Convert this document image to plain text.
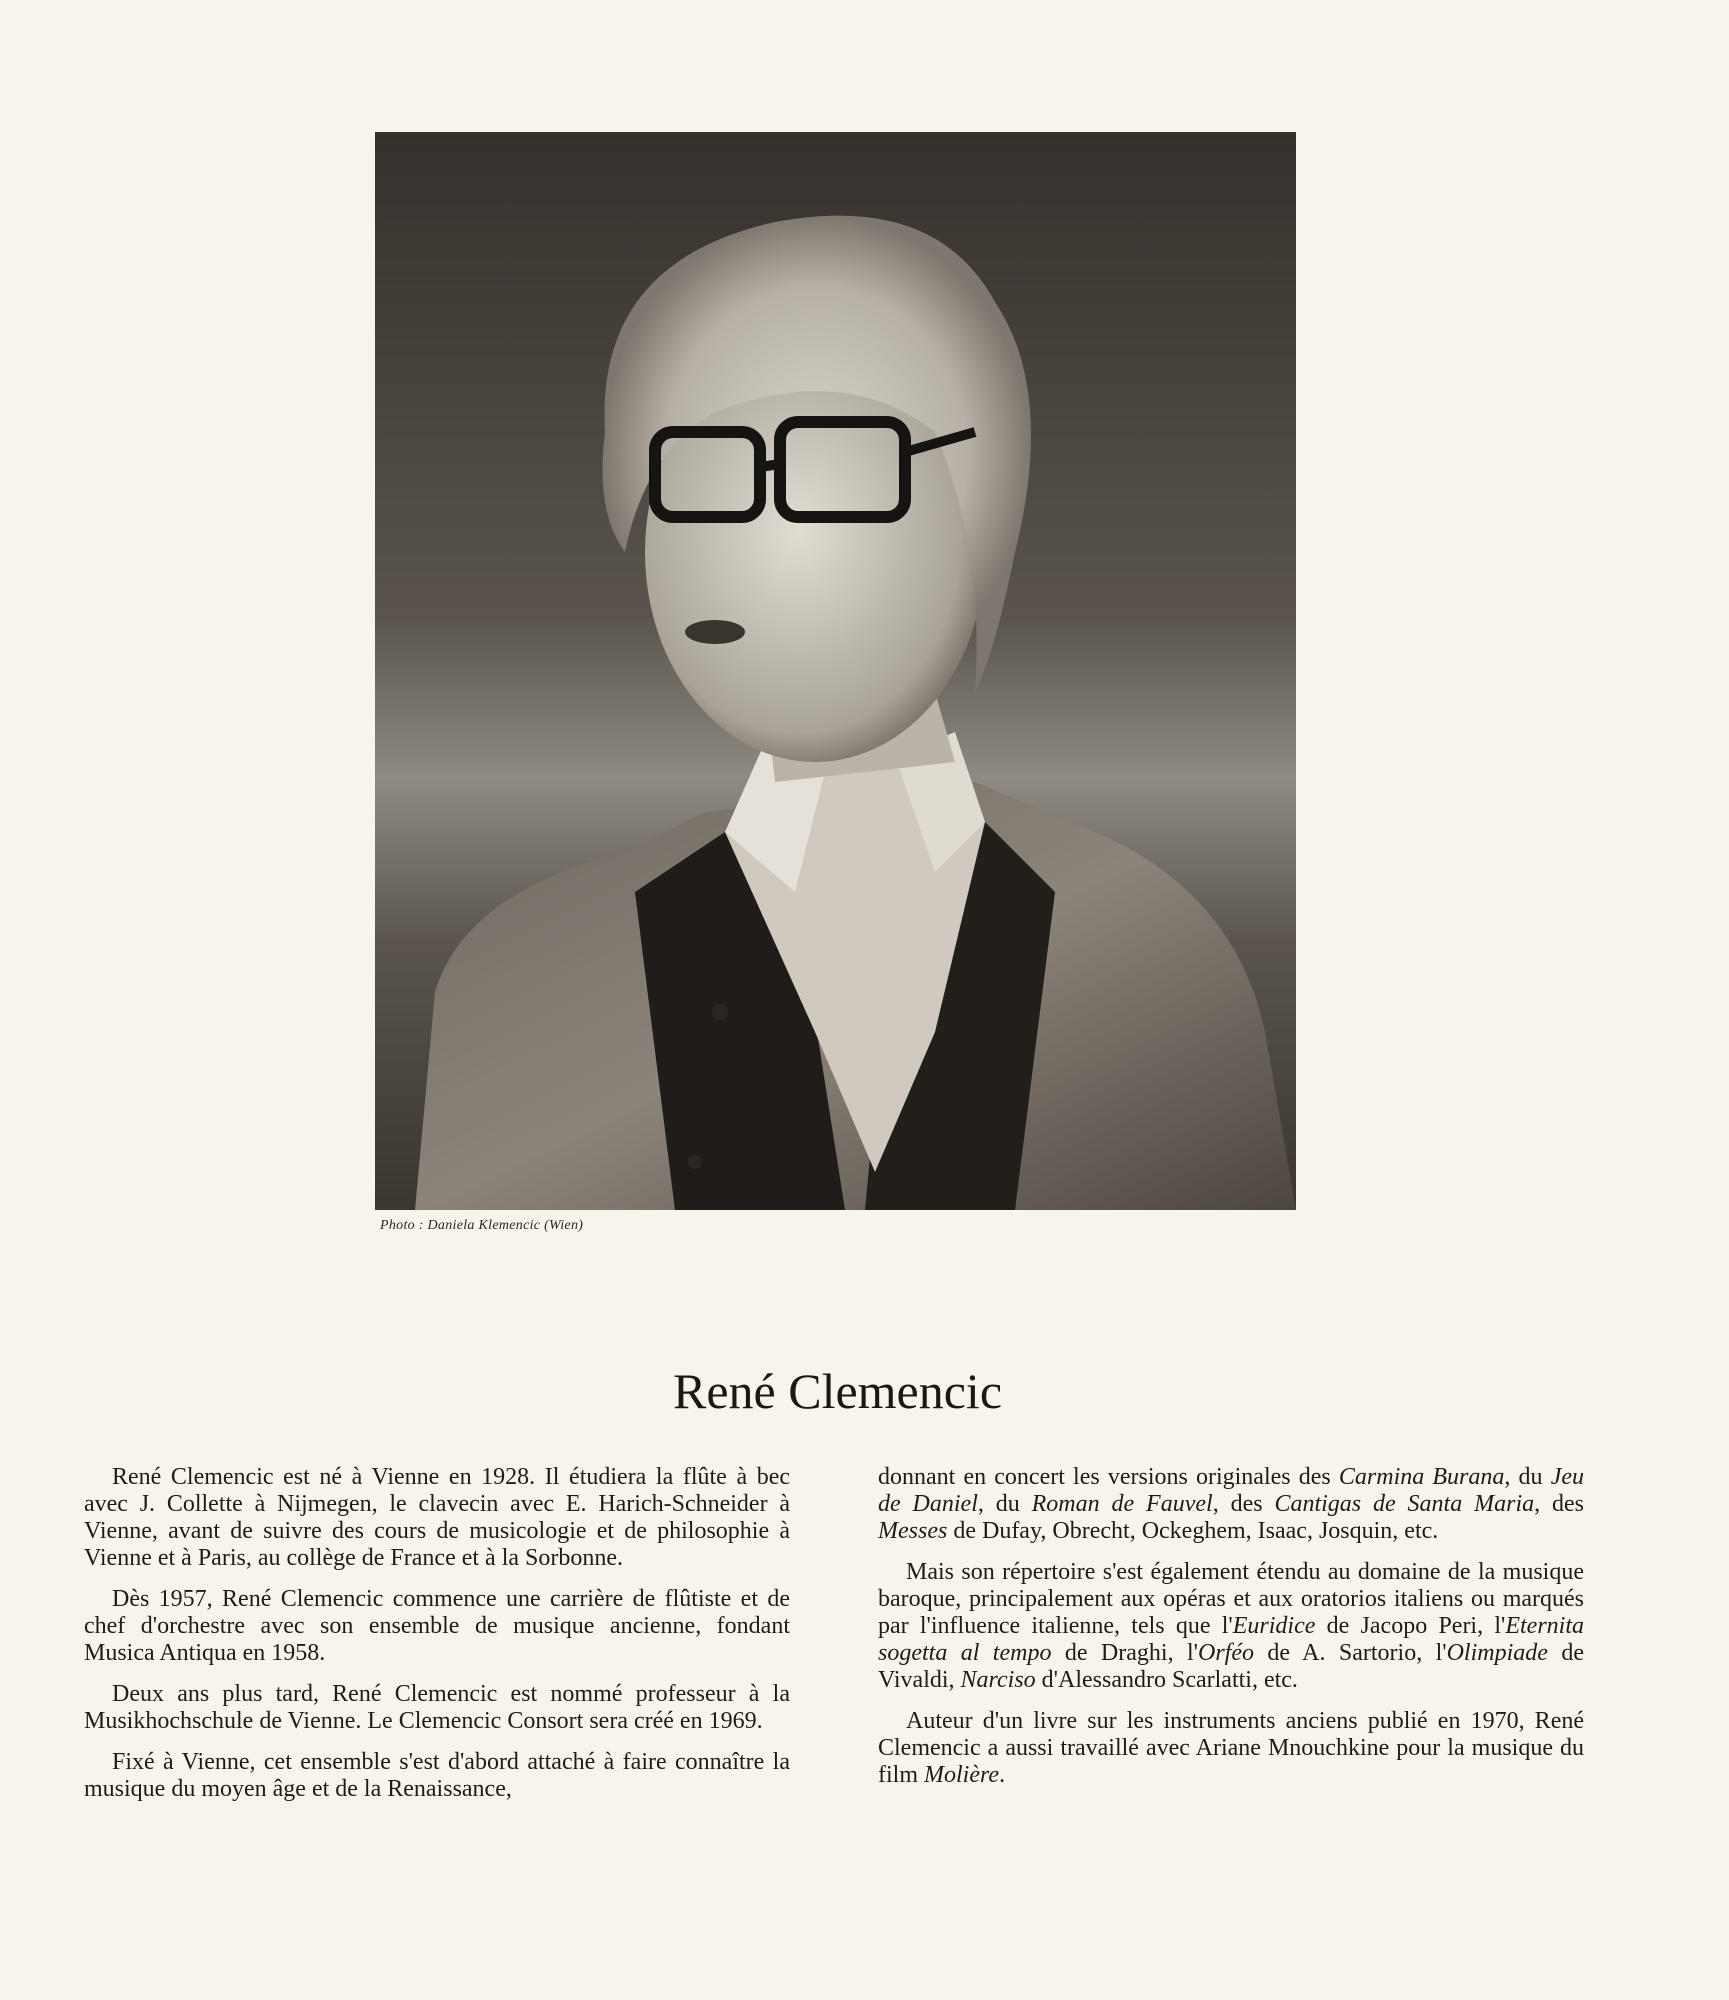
Photo : Daniela Klemencic (Wien)
René Clemencic

René Clemencic est né à Vienne en 1928. Il étudiera la flûte à bec avec J. Collette à Nijmegen, le clavecin avec E. Harich-Schneider à Vienne, avant de suivre des cours de musicologie et de philosophie à Vienne et à Paris, au collège de France et à la Sorbonne.

Dès 1957, René Clemencic commence une carrière de flûtiste et de chef d'orchestre avec son ensemble de musique ancienne, fondant Musica Antiqua en 1958.

Deux ans plus tard, René Clemencic est nommé professeur à la Musikhochschule de Vienne. Le Clemencic Consort sera créé en 1969.

Fixé à Vienne, cet ensemble s'est d'abord attaché à faire connaître la musique du moyen âge et de la Renaissance,

donnant en concert les versions originales des Carmina Burana, du Jeu de Daniel, du Roman de Fauvel, des Cantigas de Santa Maria, des Messes de Dufay, Obrecht, Ockeghem, Isaac, Josquin, etc.

Mais son répertoire s'est également étendu au domaine de la musique baroque, principalement aux opéras et aux oratorios italiens ou marqués par l'influence italienne, tels que l'Euridice de Jacopo Peri, l'Eternita sogetta al tempo de Draghi, l'Orféo de A. Sartorio, l'Olimpiade de Vivaldi, Narciso d'Alessandro Scarlatti, etc.

Auteur d'un livre sur les instruments anciens publié en 1970, René Clemencic a aussi travaillé avec Ariane Mnouchkine pour la musique du film Molière.
